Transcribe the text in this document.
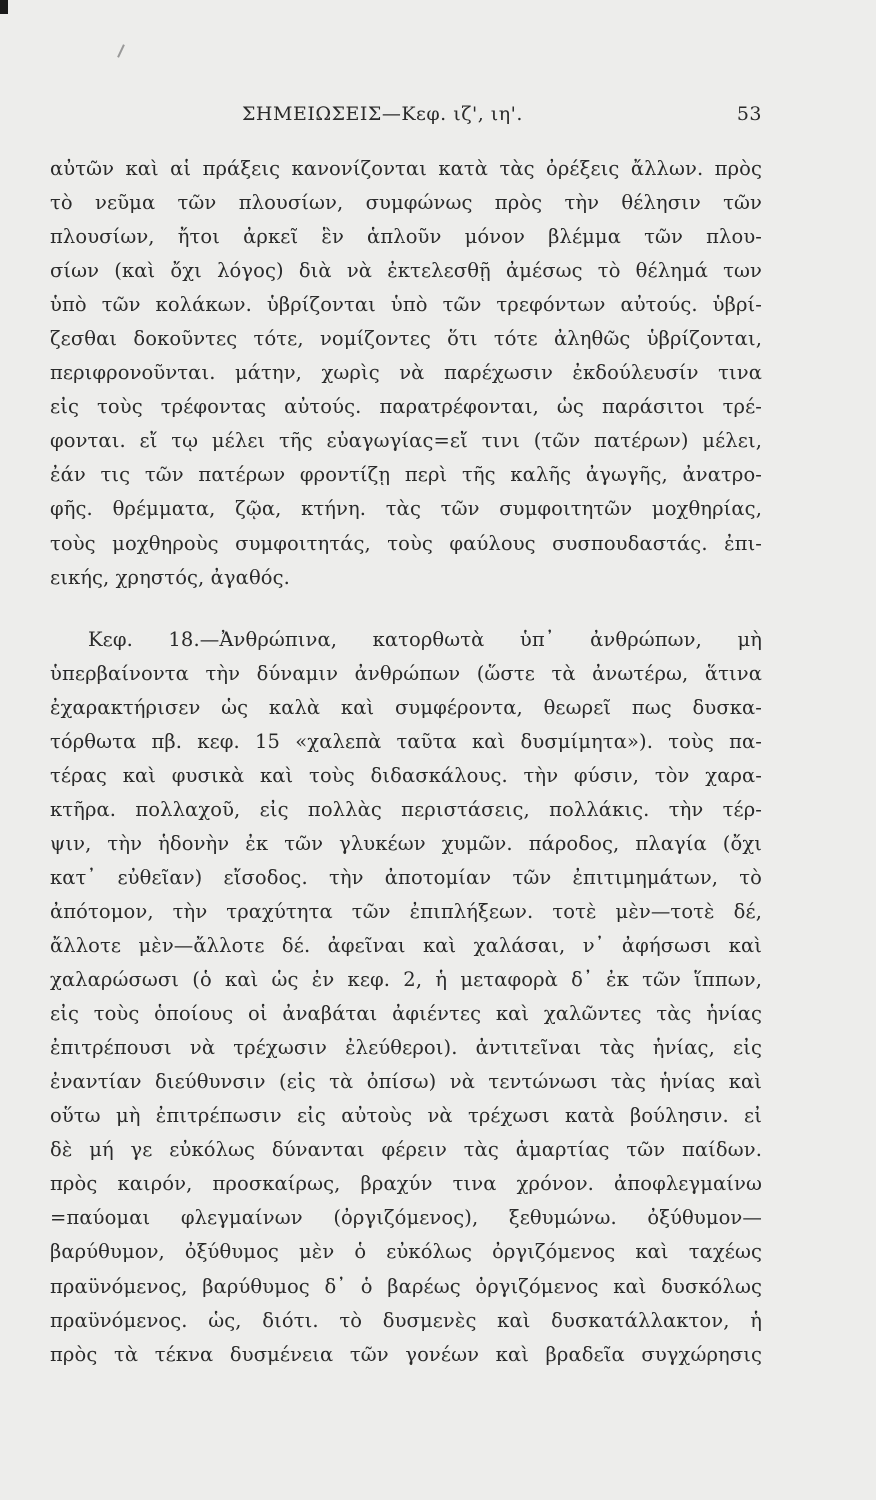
ΣΗΜΕΙΩΣΕΙΣ—Κεφ. ιζ', ιη'.	53
αὐτῶν καὶ αἱ πράξεις κανονίζονται κατὰ τὰς ὀρέξεις ἄλλων. πρὸς
τὸ νεῦμα τῶν πλουσίων, συμφώνως πρὸς τὴν θέλησιν τῶν
πλουσίων, ἤτοι ἀρκεῖ ἓν ἁπλοῦν μόνον βλέμμα τῶν πλου-
σίων (καὶ ὄχι λόγος) διὰ νὰ ἐκτελεσθῇ ἀμέσως τὸ θέλημά των
ὑπὸ τῶν κολάκων. ὑβρίζονται ὑπὸ τῶν τρεφόντων αὐτούς. ὑβρί-
ζεσθαι δοκοῦντες τότε, νομίζοντες ὅτι τότε ἀληθῶς ὑβρίζονται,
περιφρονοῦνται. μάτην, χωρὶς νὰ παρέχωσιν ἐκδούλευσίν τινα
εἰς τοὺς τρέφοντας αὐτούς. παρατρέφονται, ὡς παράσιτοι τρέ-
φονται. εἴ τῳ μέλει τῆς εὐαγωγίας=εἴ τινι (τῶν πατέρων) μέλει,
ἐάν τις τῶν πατέρων φροντίζῃ περὶ τῆς καλῆς ἀγωγῆς, ἀνατρο-
φῆς. θρέμματα, ζῷα, κτήνη. τὰς τῶν συμφοιτητῶν μοχθηρίας,
τοὺς μοχθηροὺς συμφοιτητάς, τοὺς φαύλους συσπουδαστάς. ἐπι-
εικής, χρηστός, ἀγαθός.
Κεφ. 18.—Ἀνθρώπινα, κατορθωτὰ ὑπ᾽ ἀνθρώπων, μὴ
ὑπερβαίνοντα τὴν δύναμιν ἀνθρώπων (ὥστε τὰ ἀνωτέρω, ἅτινα
ἐχαρακτήρισεν ὡς καλὰ καὶ συμφέροντα, θεωρεῖ πως δυσκα-
τόρθωτα πβ. κεφ. 15 «χαλεπὰ ταῦτα καὶ δυσμίμητα»). τοὺς πα-
τέρας καὶ φυσικὰ καὶ τοὺς διδασκάλους. τὴν φύσιν, τὸν χαρα-
κτῆρα. πολλαχοῦ, εἰς πολλὰς περιστάσεις, πολλάκις. τὴν τέρ-
ψιν, τὴν ἡδονὴν ἐκ τῶν γλυκέων χυμῶν. πάροδος, πλαγία (ὄχι
κατ᾽ εὐθεῖαν) εἴσοδος. τὴν ἀποτομίαν τῶν ἐπιτιμημάτων, τὸ
ἀπότομον, τὴν τραχύτητα τῶν ἐπιπλήξεων. τοτὲ μὲν—τοτὲ δέ,
ἄλλοτε μὲν—ἄλλοτε δέ. ἀφεῖναι καὶ χαλάσαι, ν᾽ ἀφήσωσι καὶ
χαλαρώσωσι (ὁ καὶ ὡς ἐν κεφ. 2, ἡ μεταφορὰ δ᾽ ἐκ τῶν ἵππων,
εἰς τοὺς ὁποίους οἱ ἀναβάται ἀφιέντες καὶ χαλῶντες τὰς ἡνίας
ἐπιτρέπουσι νὰ τρέχωσιν ἐλεύθεροι). ἀντιτεῖναι τὰς ἡνίας, εἰς
ἐναντίαν διεύθυνσιν (εἰς τὰ ὀπίσω) νὰ τεντώνωσι τὰς ἡνίας καὶ
οὕτω μὴ ἐπιτρέπωσιν εἰς αὐτοὺς νὰ τρέχωσι κατὰ βούλησιν. εἰ
δὲ μή γε εὐκόλως δύνανται φέρειν τὰς ἁμαρτίας τῶν παίδων.
πρὸς καιρόν, προσκαίρως, βραχύν τινα χρόνον. ἀποφλεγμαίνω
=παύομαι φλεγμαίνων (ὀργιζόμενος), ξεθυμώνω. ὀξύθυμον—
βαρύθυμον, ὀξύθυμος μὲν ὁ εὐκόλως ὀργιζόμενος καὶ ταχέως
πραϋνόμενος, βαρύθυμος δ᾽ ὁ βαρέως ὀργιζόμενος καὶ δυσκόλως
πραϋνόμενος. ὡς, διότι. τὸ δυσμενὲς καὶ δυσκατάλλακτον, ἡ
πρὸς τὰ τέκνα δυσμένεια τῶν γονέων καὶ βραδεῖα συγχώρησις
